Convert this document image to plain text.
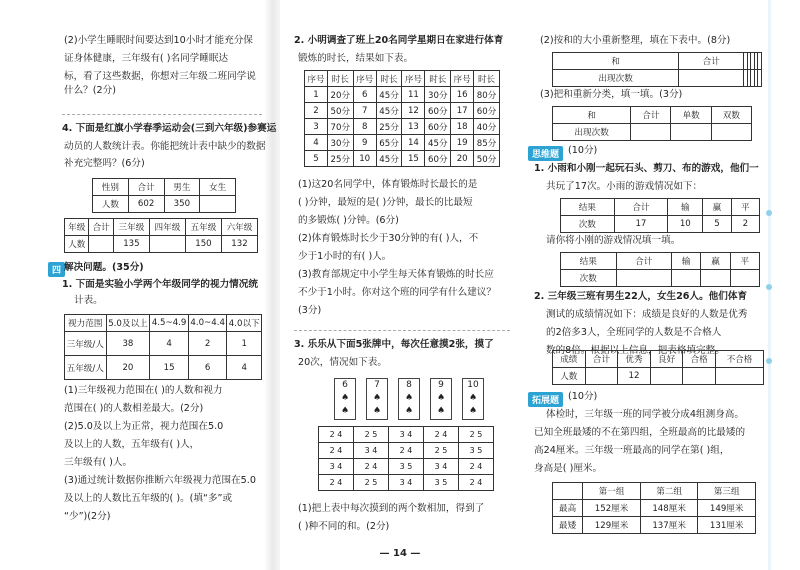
(2)小学生睡眠时间要达到10小时才能充分保
证身体健康，三年级有( )名同学睡眠达
标，看了这些数据，你想对三年级二班同学说什么？(2分)
4. 下面是红旗小学春季运动会(三到六年级)参赛运
动员的人数统计表。你能把统计表中缺少的数据
补充完整吗？(6分)
性别	合计	男生	女生
人数	602	350	
年级	合计	三年级	四年级	五年级	六年级
人数		135		150	132
四 解决问题。(35分)
1. 下面是实验小学两个年级同学的视力情况统
计表。
视力范围	5.0及以上	4.5~4.9	4.0~4.4	4.0以下
三年级/人	38	4	2	1
五年级/人	20	15	6	4
(1)三年级视力范围在( )的人数和视力
范围在( )的人数相差最大。(2分)
(2)5.0及以上为正常，视力范围在5.0
及以上的人数，五年级有( )人，
三年级有( )人。
(3)通过统计数据你推断六年级视力范围在5.0
及以上的人数比五年级的( )。(填“多”或
“少”)(2分)
2. 小明调查了班上20名同学星期日在家进行体育
锻炼的时长，结果如下表。
序号	时长	序号	时长	序号	时长	序号	时长
1	20分	6	45分	11	30分	16	80分
2	50分	7	45分	12	60分	17	60分
3	70分	8	25分	13	60分	18	40分
4	30分	9	65分	14	45分	19	85分
5	25分	10	45分	15	60分	20	50分
(1)这20名同学中，体育锻炼时长最长的是
( )分钟，最短的是( )分钟，最长的比最短
的多锻炼( )分钟。(6分)
(2)体育锻炼时长少于30分钟的有( )人，不
少于1小时的有( )人。
(3)教育部规定中小学生每天体育锻炼的时长应
不少于1小时。你对这个班的同学有什么建议？
(3分)
3. 乐乐从下面5张牌中，每次任意摸2张，摸了
20次，情况如下表。
6
♠
♠
7
♠
♠
8
♠
♠
9
♠
♠
10
♠
♠
2 4	2 5	3 4	2 4	2 5
2 4	3 4	2 4	2 5	3 5
3 4	2 4	3 5	3 4	2 4
2 4	2 5	3 4	3 5	2 4
(1)把上表中每次摸到的两个数相加，得到了
( )种不同的和。(2分)
(2)按和的大小重新整理，填在下表中。(8分)
和	合计					
出现次数						
(3)把和重新分类，填一填。(3分)
和	合计	单数	双数
出现次数			
思维题 (10分)
1. 小雨和小刚一起玩石头、剪刀、布的游戏，他们一
共玩了17次。小雨的游戏情况如下：
结果	合计	输	赢	平
次数	17	10	5	2
请你将小刚的游戏情况填一填。
结果	合计	输	赢	平
次数				
2. 三年级三班有男生22人，女生26人。他们体育
测试的成绩情况如下：成绩是良好的人数是优秀
的2倍多3人，全班同学的人数是不合格人
数的8倍。根据以上信息，把表格填完整。
成绩	合计	优秀	良好	合格	不合格
人数		12			
拓展题 (10分)
体检时，三年级一班的同学被分成4组测身高。
已知全班最矮的不在第四组，全班最高的比最矮的
高24厘米。三年级一班最高的同学在第( )组，
身高是( )厘米。
	第一组	第二组	第三组
最高	152厘米	148厘米	149厘米
最矮	129厘米	137厘米	131厘米
— 14 —
